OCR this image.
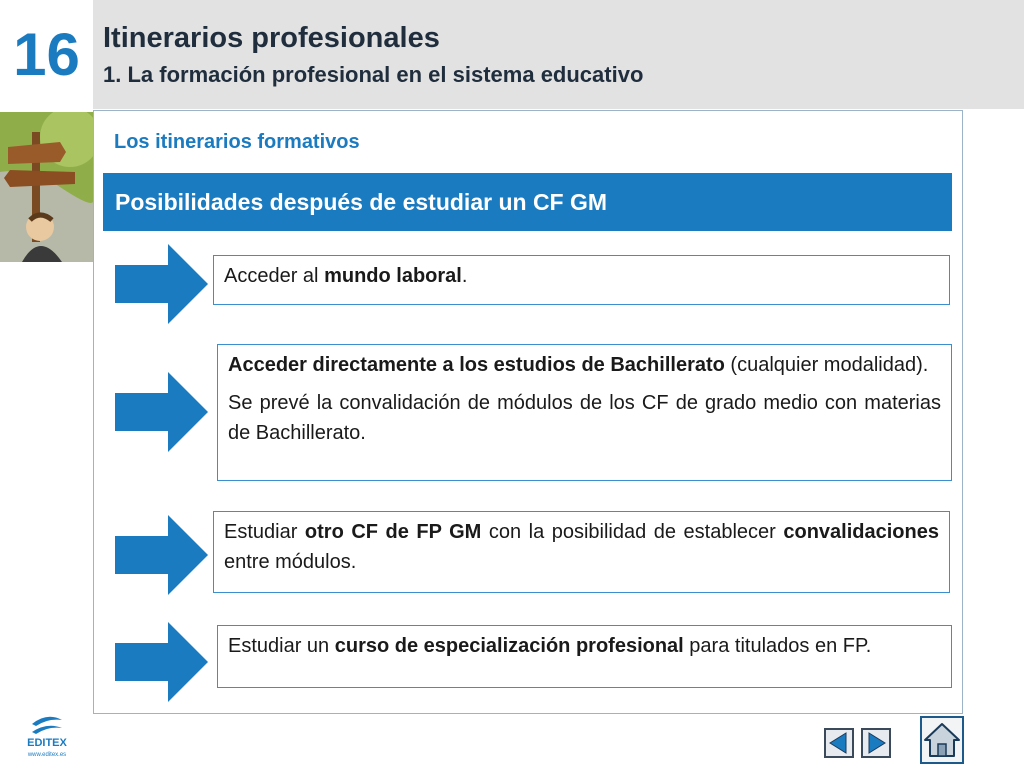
16 Itinerarios profesionales
1. La formación profesional en el sistema educativo
Los itinerarios formativos
Posibilidades después de estudiar un CF GM

Acceder al mundo laboral.

Acceder directamente a los estudios de Bachillerato (cualquier modalidad).

Se prevé la convalidación de módulos de los CF de grado medio con materias de Bachillerato.

Estudiar otro CF de FP GM con la posibilidad de establecer convalidaciones entre módulos.

Estudiar un curso de especialización profesional para titulados en FP.

EDITEX
www.editex.es
